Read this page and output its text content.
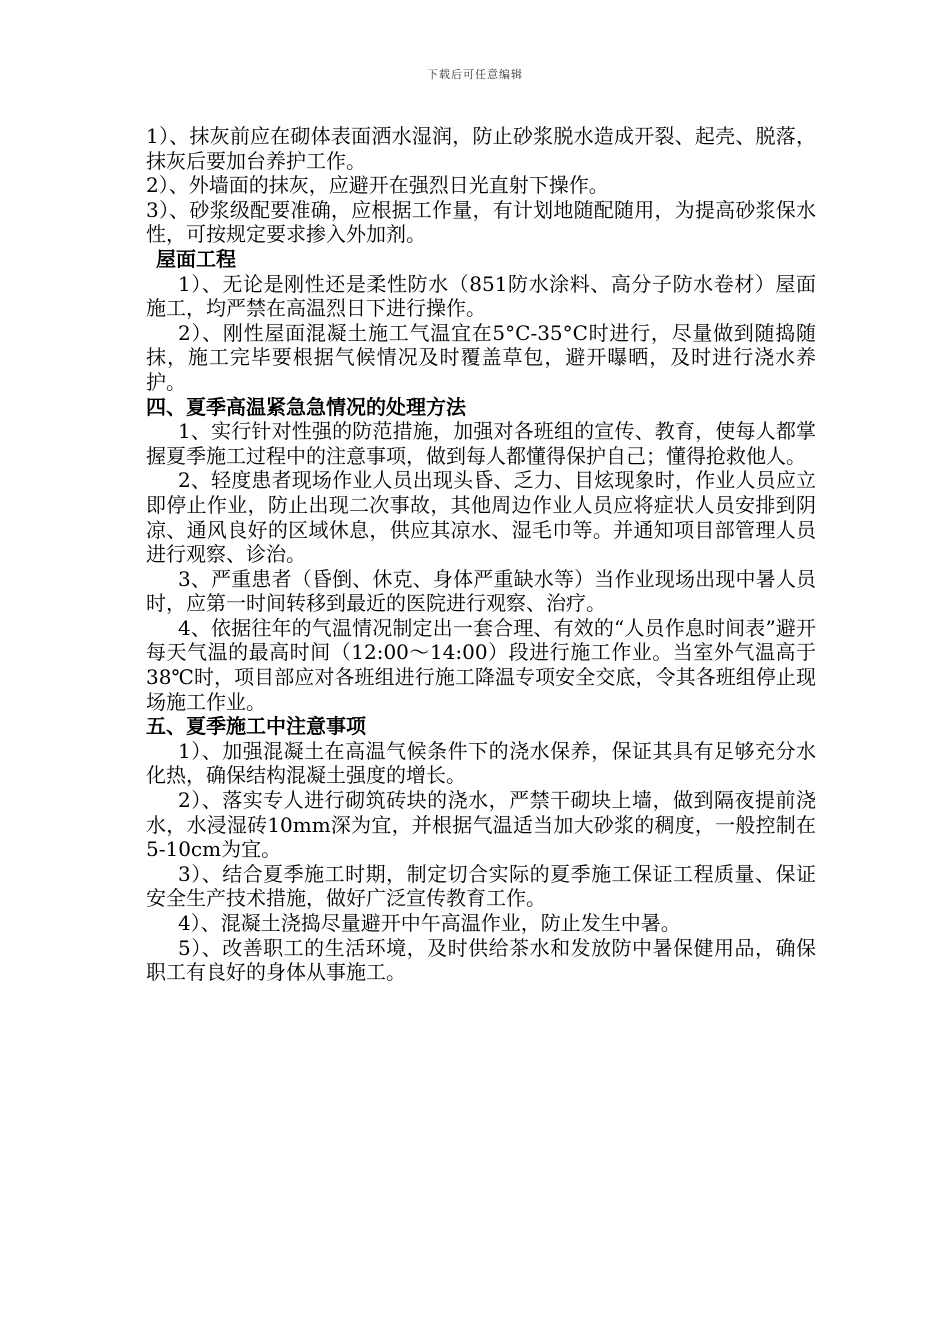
下载后可任意编辑

1）、抹灰前应在砌体表面洒水湿润，防止砂浆脱水造成开裂、起壳、脱落，抹灰后要加台养护工作。

2）、外墙面的抹灰，应避开在强烈日光直射下操作。

3）、砂浆级配要准确，应根据工作量，有计划地随配随用，为提高砂浆保水性，可按规定要求掺入外加剂。

屋面工程

1）、无论是刚性还是柔性防水（851防水涂料、高分子防水卷材）屋面施工，均严禁在高温烈日下进行操作。

2）、刚性屋面混凝土施工气温宜在5°C-35°C时进行，尽量做到随捣随抹，施工完毕要根据气候情况及时覆盖草包，避开曝晒，及时进行浇水养护。

四、夏季高温紧急急情况的处理方法

1、实行针对性强的防范措施，加强对各班组的宣传、教育，使每人都掌握夏季施工过程中的注意事项，做到每人都懂得保护自己；懂得抢救他人。

2、轻度患者现场作业人员出现头昏、乏力、目炫现象时，作业人员应立即停止作业，防止出现二次事故，其他周边作业人员应将症状人员安排到阴凉、通风良好的区域休息，供应其凉水、湿毛巾等。并通知项目部管理人员进行观察、诊治。

3、严重患者（昏倒、休克、身体严重缺水等）当作业现场出现中暑人员时，应第一时间转移到最近的医院进行观察、治疗。

4、依据往年的气温情况制定出一套合理、有效的“人员作息时间表”避开每天气温的最高时间（12:00～14:00）段进行施工作业。当室外气温高于38℃时，项目部应对各班组进行施工降温专项安全交底，令其各班组停止现场施工作业。

五、夏季施工中注意事项

1）、加强混凝土在高温气候条件下的浇水保养，保证其具有足够充分水化热，确保结构混凝土强度的增长。

2）、落实专人进行砌筑砖块的浇水，严禁干砌块上墙，做到隔夜提前浇水，水浸湿砖10mm深为宜，并根据气温适当加大砂浆的稠度，一般控制在5-10cm为宜。

3）、结合夏季施工时期，制定切合实际的夏季施工保证工程质量、保证安全生产技术措施，做好广泛宣传教育工作。

4）、混凝土浇捣尽量避开中午高温作业，防止发生中暑。

5）、改善职工的生活环境，及时供给茶水和发放防中暑保健用品，确保职工有良好的身体从事施工。
